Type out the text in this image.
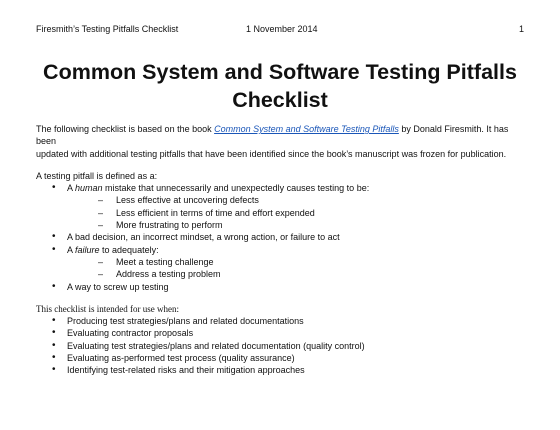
Firesmith’s Testing Pitfalls Checklist	1 November 2014	1
Common System and Software Testing Pitfalls
Checklist

The following checklist is based on the book Common System and Software Testing Pitfalls by Donald Firesmith. It has been
updated with additional testing pitfalls that have been identified since the book’s manuscript was frozen for publication.

A testing pitfall is defined as a:

• A human mistake that unnecessarily and unexpectedly causes testing to be:
– Less effective at uncovering defects
– Less efficient in terms of time and effort expended
– More frustrating to perform
• A bad decision, an incorrect mindset, a wrong action, or failure to act
• A failure to adequately:
– Meet a testing challenge
– Address a testing problem
• A way to screw up testing

This checklist is intended for use when:

• Producing test strategies/plans and related documentations
• Evaluating contractor proposals
• Evaluating test strategies/plans and related documentation (quality control)
• Evaluating as-performed test process (quality assurance)
• Identifying test-related risks and their mitigation approaches
